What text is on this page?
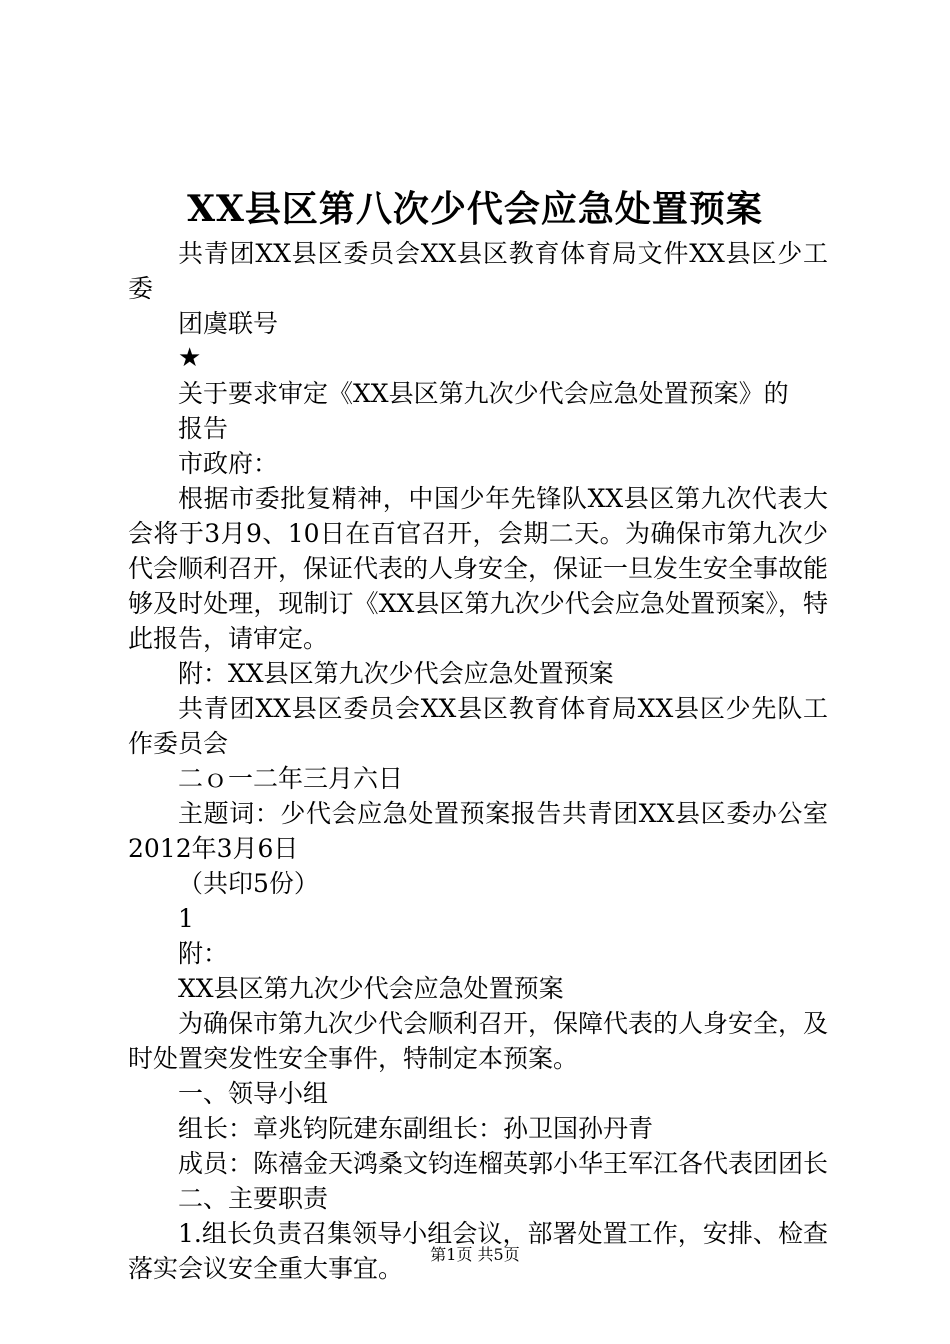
XX县区第八次少代会应急处置预案

共青团XX县区委员会XX县区教育体育局文件XX县区少工委

团虞联号

★

关于要求审定《XX县区第九次少代会应急处置预案》的

报告

市政府：

根据市委批复精神，中国少年先锋队XX县区第九次代表大会将于3月9、10日在百官召开，会期二天。为确保市第九次少代会顺利召开，保证代表的人身安全，保证一旦发生安全事故能够及时处理，现制订《XX县区第九次少代会应急处置预案》，特此报告，请审定。

附：XX县区第九次少代会应急处置预案

共青团XX县区委员会XX县区教育体育局XX县区少先队工作委员会

二ｏ一二年三月六日

主题词：少代会应急处置预案报告共青团XX县区委办公室2012年3月6日

（共印5份）

1

附：

XX县区第九次少代会应急处置预案

为确保市第九次少代会顺利召开，保障代表的人身安全，及时处置突发性安全事件，特制定本预案。

一、领导小组

组长：章兆钧阮建东副组长：孙卫国孙丹青

成员：陈禧金天鸿桑文钧连榴英郭小华王军江各代表团团长

二、主要职责

1.组长负责召集领导小组会议，部署处置工作，安排、检查落实会议安全重大事宜。	第1页 共5页
